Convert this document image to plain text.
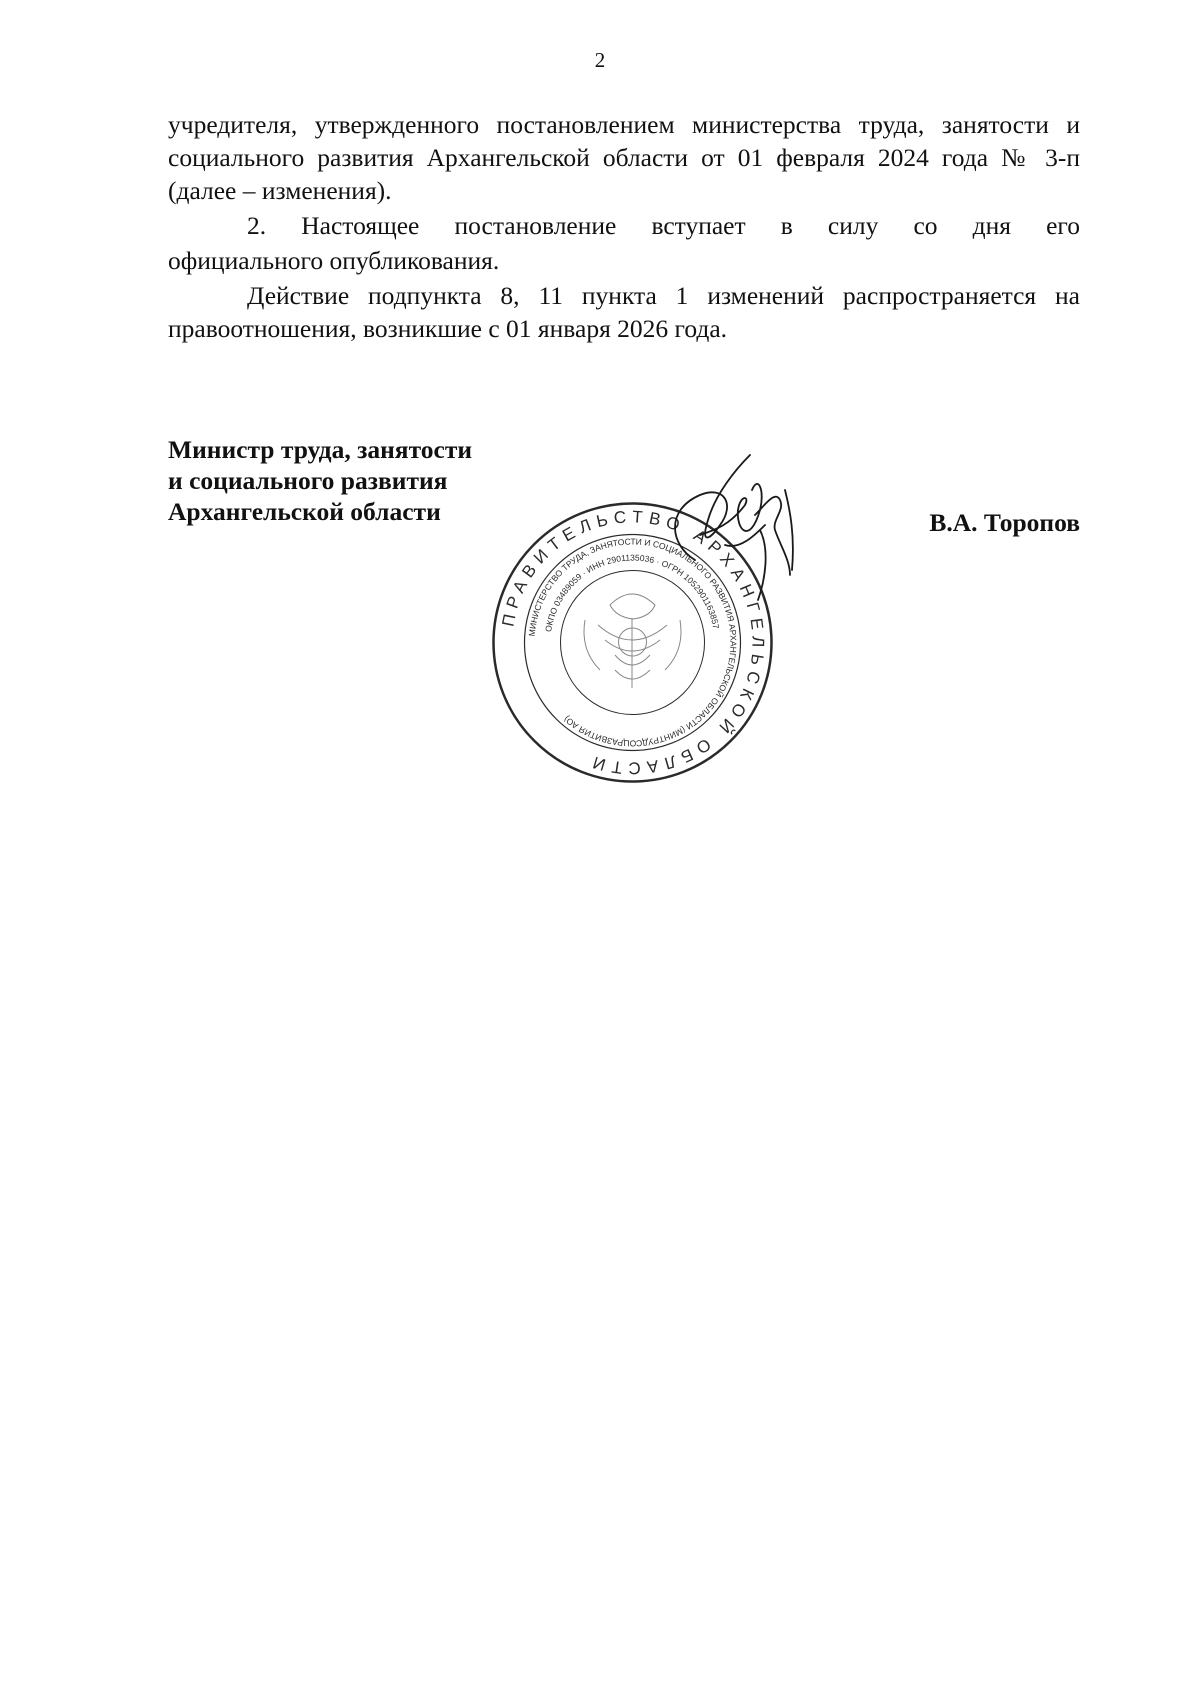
2

учредителя, утвержденного постановлением министерства труда, занятости и социального развития Архангельской области от 01 февраля 2024 года № 3-п (далее – изменения).

2. Настоящее постановление вступает в силу со дня его

официального опубликования.

Действие подпункта 8, 11 пункта 1 изменений распространяется на правоотношения, возникшие с 01 января 2026 года.

Министр труда, занятости
и социального развития
Архангельской области	В.А. Торопов
ПРАВИТЕЛЬСТВО АРХАНГЕЛЬСКОЙ ОБЛАСТИ
МИНИСТЕРСТВО ТРУДА, ЗАНЯТОСТИ И СОЦИАЛЬНОГО РАЗВИТИЯ АРХАНГЕЛЬСКОЙ ОБЛАСТИ (МИНТРУДСОЦРАЗВИТИЯ АО)
ОКПО 03489059 · ИНН 2901135036 · ОГРН 1052901163857
